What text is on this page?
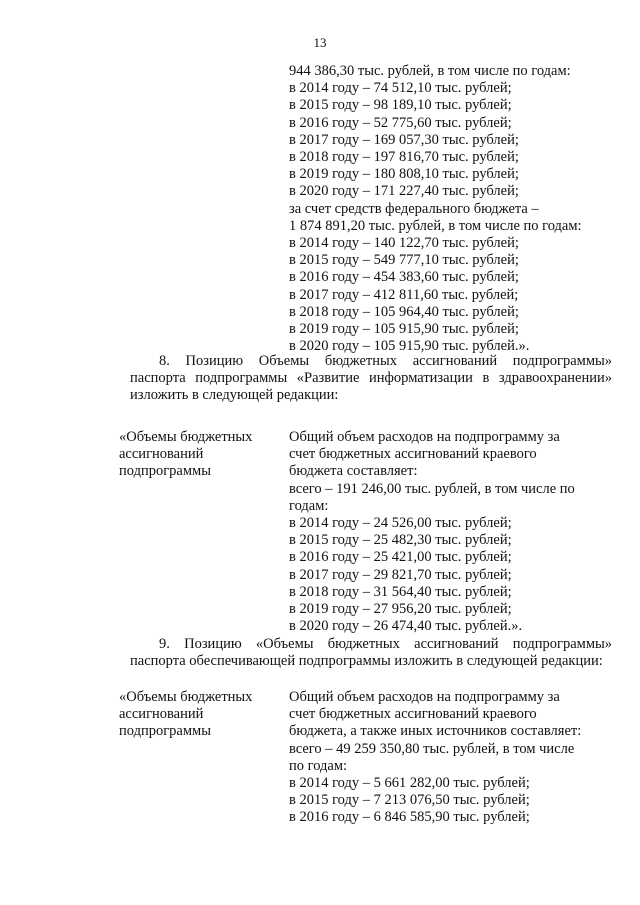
13
944 386,30 тыс. рублей, в том числе по годам:
в 2014 году – 74 512,10 тыс. рублей;
в 2015 году – 98 189,10 тыс. рублей;
в 2016 году – 52 775,60 тыс. рублей;
в 2017 году – 169 057,30 тыс. рублей;
в 2018 году – 197 816,70 тыс. рублей;
в 2019 году – 180 808,10 тыс. рублей;
в 2020 году – 171 227,40 тыс. рублей;
за счет средств федерального бюджета –
1 874 891,20 тыс. рублей, в том числе по годам:
в 2014 году – 140 122,70 тыс. рублей;
в 2015 году – 549 777,10 тыс. рублей;
в 2016 году – 454 383,60 тыс. рублей;
в 2017 году – 412 811,60 тыс. рублей;
в 2018 году – 105 964,40 тыс. рублей;
в 2019 году – 105 915,90 тыс. рублей;
в 2020 году – 105 915,90 тыс. рублей.».
8. Позицию Объемы бюджетных ассигнований подпрограммы»
паспорта подпрограммы «Развитие информатизации в здравоохранении»
изложить в следующей редакции:
«Объемы бюджетных
ассигнований
подпрограммы
Общий объем расходов на подпрограмму за
счет бюджетных ассигнований краевого
бюджета составляет:
всего – 191 246,00 тыс. рублей, в том числе по
годам:
в 2014 году – 24 526,00 тыс. рублей;
в 2015 году – 25 482,30 тыс. рублей;
в 2016 году – 25 421,00 тыс. рублей;
в 2017 году – 29 821,70 тыс. рублей;
в 2018 году – 31 564,40 тыс. рублей;
в 2019 году – 27 956,20 тыс. рублей;
в 2020 году – 26 474,40 тыс. рублей.».
9. Позицию «Объемы бюджетных ассигнований подпрограммы»
паспорта обеспечивающей подпрограммы изложить в следующей редакции:
«Объемы бюджетных
ассигнований
подпрограммы
Общий объем расходов на подпрограмму за
счет бюджетных ассигнований краевого
бюджета, а также иных источников составляет:
всего – 49 259 350,80 тыс. рублей, в том числе
по годам:
в 2014 году – 5 661 282,00 тыс. рублей;
в 2015 году – 7 213 076,50 тыс. рублей;
в 2016 году – 6 846 585,90 тыс. рублей;
